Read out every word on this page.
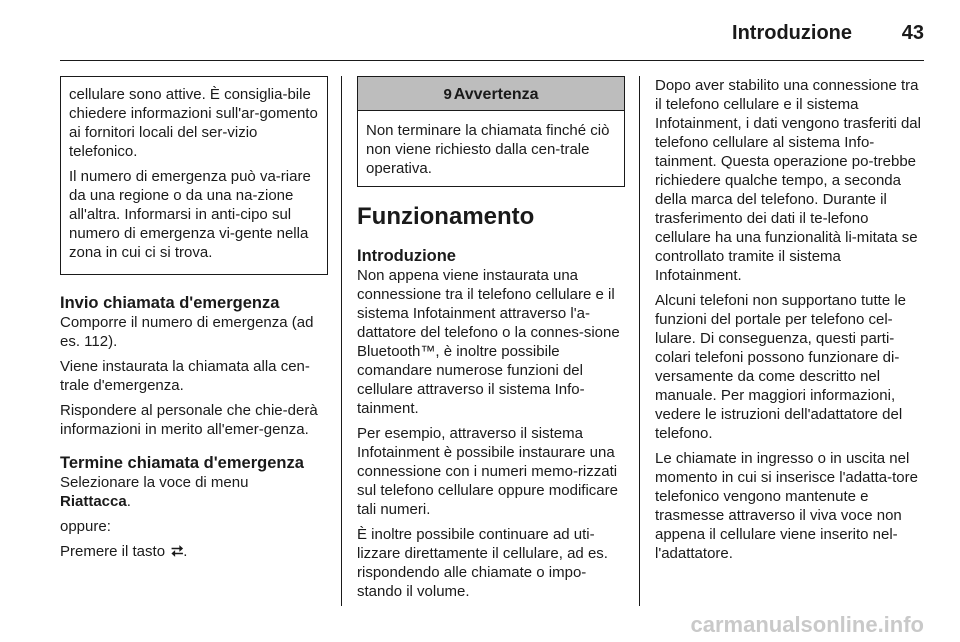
Introduzione 43

cellulare sono attive. È consiglia-bile chiedere informazioni sull'ar-gomento ai fornitori locali del ser-vizio telefonico.

Il numero di emergenza può va-riare da una regione o da una na-zione all'altra. Informarsi in anti-cipo sul numero di emergenza vi-gente nella zona in cui ci si trova.

Invio chiamata d'emergenza

Comporre il numero di emergenza (ad es. 112).

Viene instaurata la chiamata alla cen-trale d'emergenza.

Rispondere al personale che chie-derà informazioni in merito all'emer-genza.

Termine chiamata d'emergenza

Selezionare la voce di menu
Riattacca.

oppure:

Premere il tasto ⮂.

9 Avvertenza
Non terminare la chiamata finché ciò non viene richiesto dalla cen-trale operativa.
Funzionamento
Introduzione

Non appena viene instaurata una connessione tra il telefono cellulare e il sistema Infotainment attraverso l'a-dattatore del telefono o la connes-sione Bluetooth™, è inoltre possibile comandare numerose funzioni del cellulare attraverso il sistema Info-tainment.

Per esempio, attraverso il sistema Infotainment è possibile instaurare una connessione con i numeri memo-rizzati sul telefono cellulare oppure modificare tali numeri.

È inoltre possibile continuare ad uti-lizzare direttamente il cellulare, ad es. rispondendo alle chiamate o impo-stando il volume.

Dopo aver stabilito una connessione tra il telefono cellulare e il sistema Infotainment, i dati vengono trasferiti dal telefono cellulare al sistema Info-tainment. Questa operazione po-trebbe richiedere qualche tempo, a seconda della marca del telefono. Durante il trasferimento dei dati il te-lefono cellulare ha una funzionalità li-mitata se controllato tramite il sistema Infotainment.

Alcuni telefoni non supportano tutte le funzioni del portale per telefono cel-lulare. Di conseguenza, questi parti-colari telefoni possono funzionare di-versamente da come descritto nel manuale. Per maggiori informazioni, vedere le istruzioni dell'adattatore del telefono.

Le chiamate in ingresso o in uscita nel momento in cui si inserisce l'adatta-tore telefonico vengono mantenute e trasmesse attraverso il viva voce non appena il cellulare viene inserito nel-l'adattatore.

carmanualsonline.info
